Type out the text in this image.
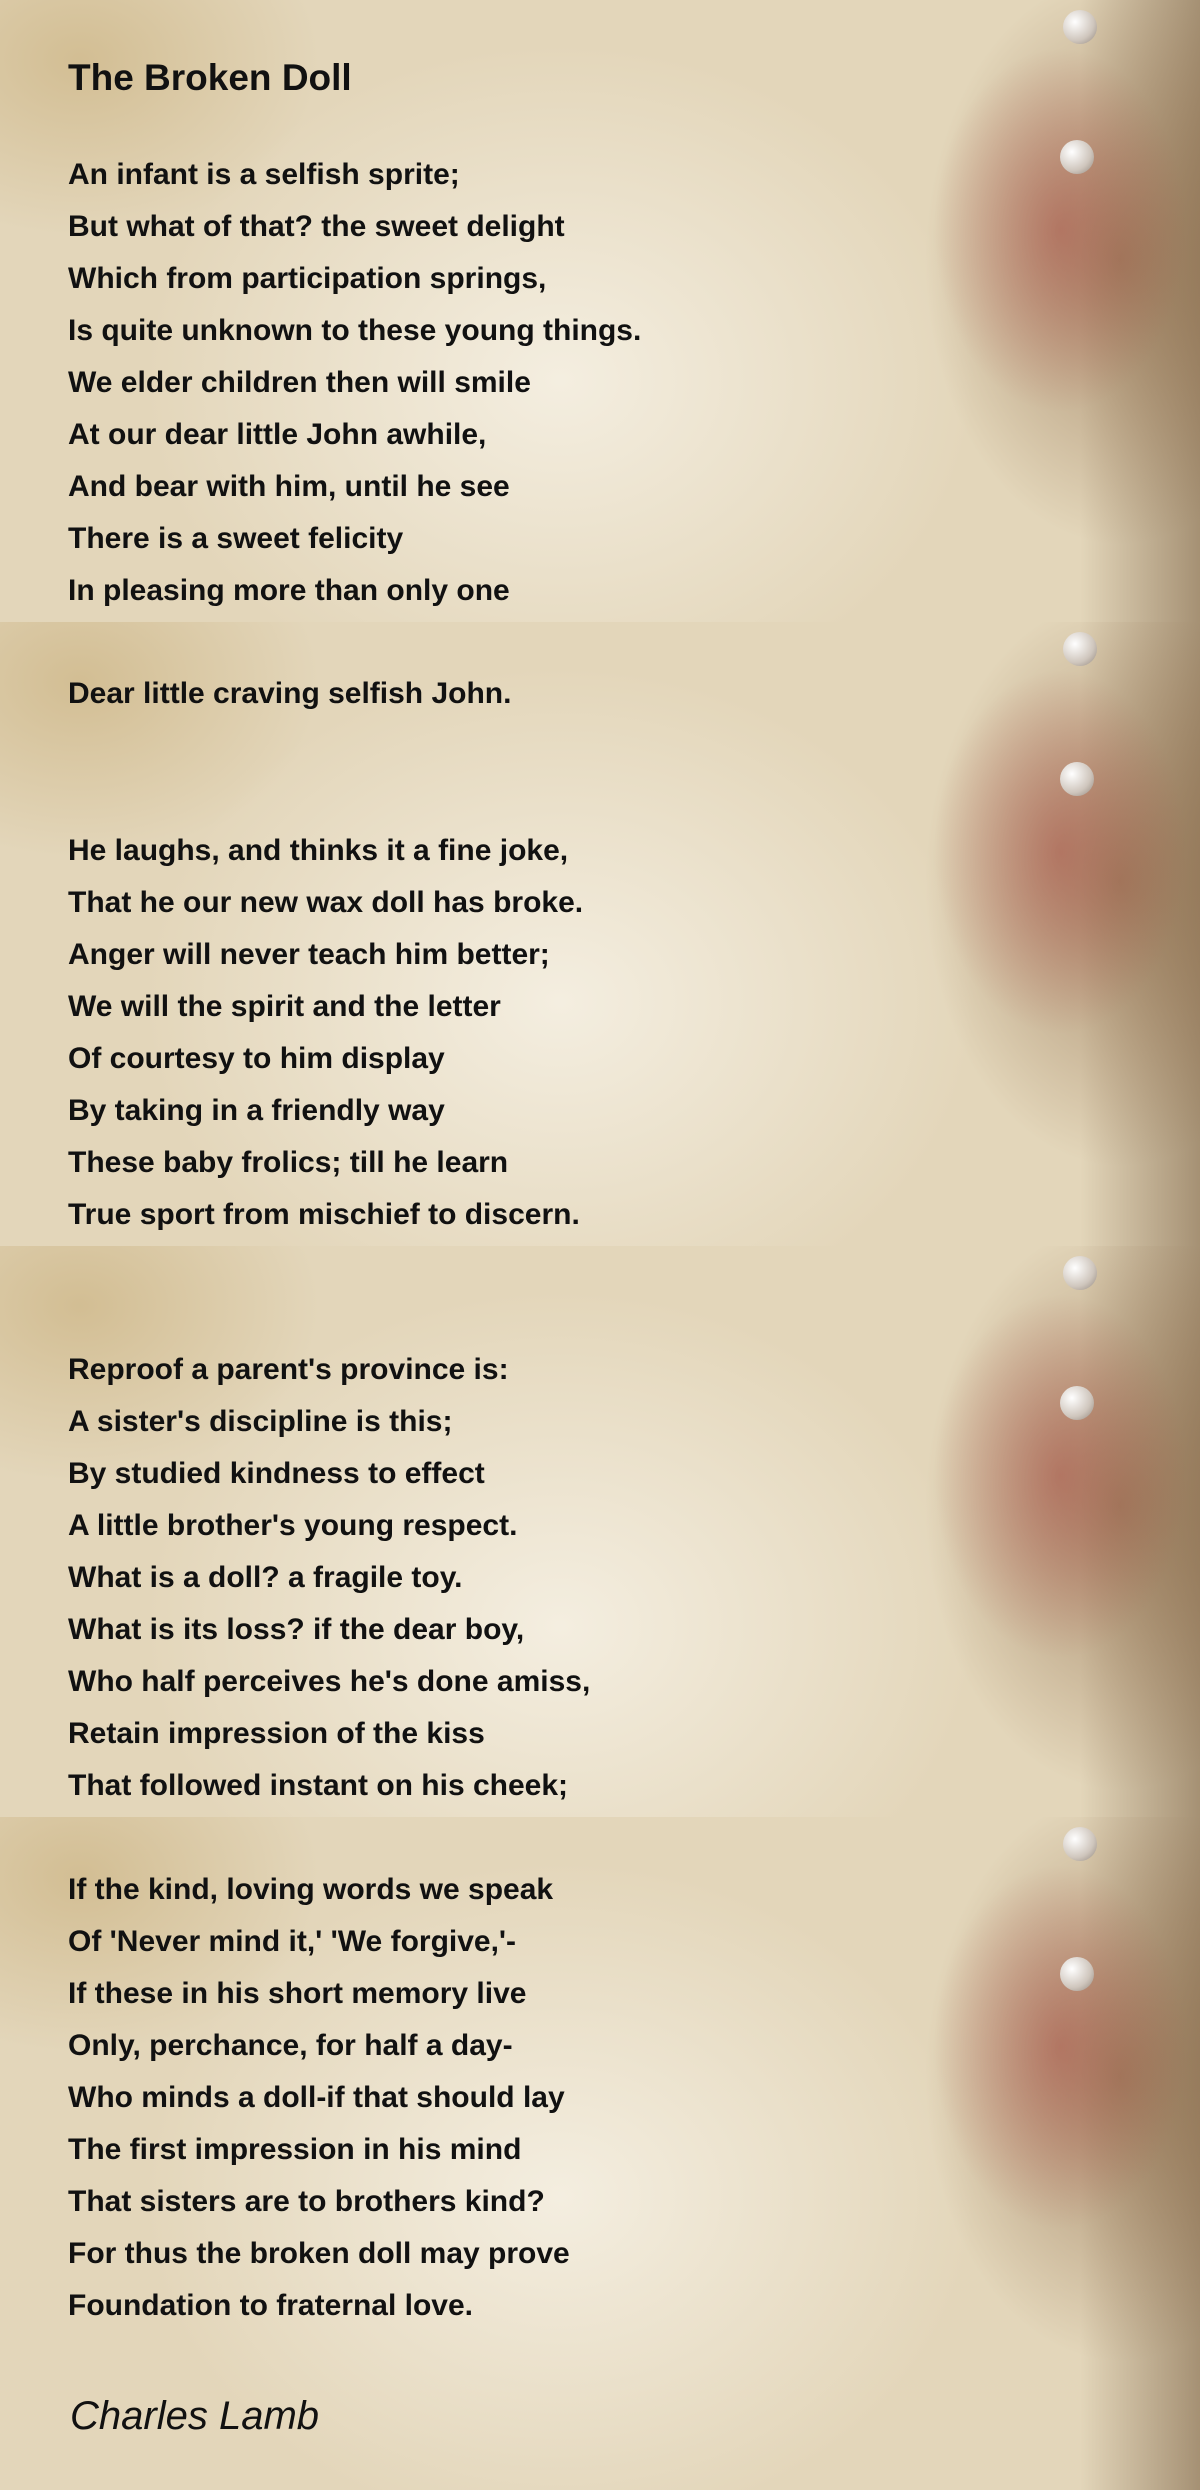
The Broken Doll
An infant is a selfish sprite;
But what of that? the sweet delight
Which from participation springs,
Is quite unknown to these young things.
We elder children then will smile
At our dear little John awhile,
And bear with him, until he see
There is a sweet felicity
In pleasing more than only one
Dear little craving selfish John.
He laughs, and thinks it a fine joke,
That he our new wax doll has broke.
Anger will never teach him better;
We will the spirit and the letter
Of courtesy to him display
By taking in a friendly way
These baby frolics; till he learn
True sport from mischief to discern.
Reproof a parent's province is:
A sister's discipline is this;
By studied kindness to effect
A little brother's young respect.
What is a doll? a fragile toy.
What is its loss? if the dear boy,
Who half perceives he's done amiss,
Retain impression of the kiss
That followed instant on his cheek;
If the kind, loving words we speak
Of 'Never mind it,' 'We forgive,'-
If these in his short memory live
Only, perchance, for half a day-
Who minds a doll-if that should lay
The first impression in his mind
That sisters are to brothers kind?
For thus the broken doll may prove
Foundation to fraternal love.
Charles Lamb
